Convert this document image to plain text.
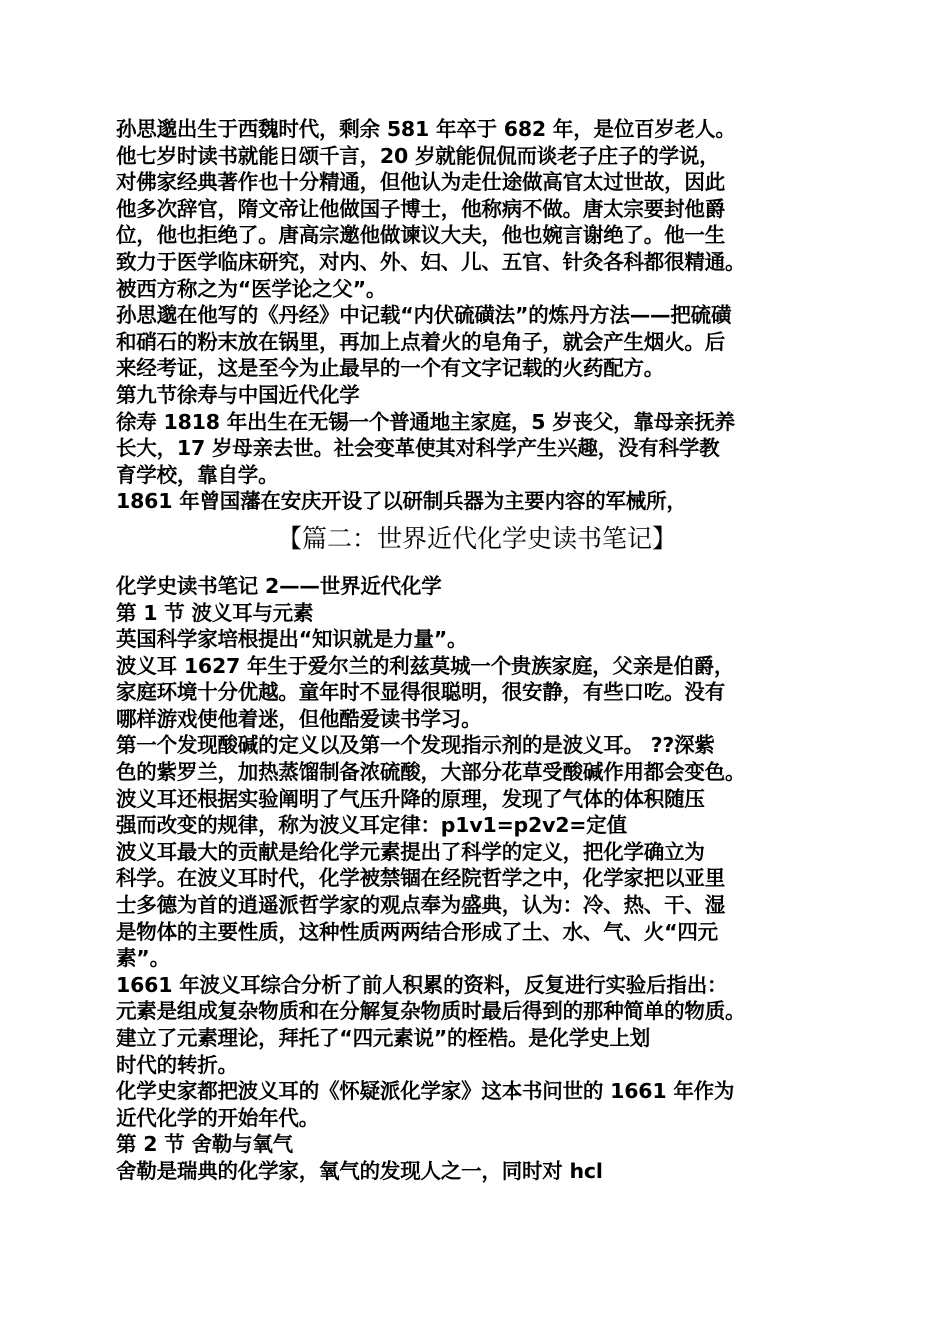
孙思邈出生于西魏时代，剩余 581 年卒于 682 年，是位百岁老人。
他七岁时读书就能日颂千言，20 岁就能侃侃而谈老子庄子的学说，
对佛家经典著作也十分精通，但他认为走仕途做高官太过世故，因此
他多次辞官，隋文帝让他做国子博士，他称病不做。唐太宗要封他爵
位，他也拒绝了。唐高宗邀他做谏议大夫，他也婉言谢绝了。他一生
致力于医学临床研究，对内、外、妇、儿、五官、针灸各科都很精通。
被西方称之为“医学论之父”。
孙思邈在他写的《丹经》中记载“内伏硫磺法”的炼丹方法——把硫磺
和硝石的粉末放在锅里，再加上点着火的皂角子，就会产生烟火。后
来经考证，这是至今为止最早的一个有文字记载的火药配方。
第九节徐寿与中国近代化学
徐寿 1818 年出生在无锡一个普通地主家庭，5 岁丧父，靠母亲抚养
长大，17 岁母亲去世。社会变革使其对科学产生兴趣，没有科学教
育学校，靠自学。
1861 年曾国藩在安庆开设了以研制兵器为主要内容的军械所，
【篇二：世界近代化学史读书笔记】
化学史读书笔记 2——世界近代化学
第 1 节 波义耳与元素
英国科学家培根提出“知识就是力量”。
波义耳 1627 年生于爱尔兰的利兹莫城一个贵族家庭，父亲是伯爵，
家庭环境十分优越。童年时不显得很聪明，很安静，有些口吃。没有
哪样游戏使他着迷，但他酷爱读书学习。
第一个发现酸碱的定义以及第一个发现指示剂的是波义耳。 ??深紫
色的紫罗兰，加热蒸馏制备浓硫酸，大部分花草受酸碱作用都会变色。
波义耳还根据实验阐明了气压升降的原理，发现了气体的体积随压
强而改变的规律，称为波义耳定律：p1v1=p2v2=定值
波义耳最大的贡献是给化学元素提出了科学的定义，把化学确立为
科学。在波义耳时代，化学被禁锢在经院哲学之中，化学家把以亚里
士多德为首的逍遥派哲学家的观点奉为盛典，认为：冷、热、干、湿
是物体的主要性质，这种性质两两结合形成了土、水、气、火“四元
素”。
1661 年波义耳综合分析了前人积累的资料，反复进行实验后指出：
元素是组成复杂物质和在分解复杂物质时最后得到的那种简单的物质。
建立了元素理论，拜托了“四元素说”的桎梏。是化学史上划
时代的转折。
化学史家都把波义耳的《怀疑派化学家》这本书问世的 1661 年作为
近代化学的开始年代。
第 2 节 舍勒与氧气
舍勒是瑞典的化学家，氧气的发现人之一，同时对 hcl
